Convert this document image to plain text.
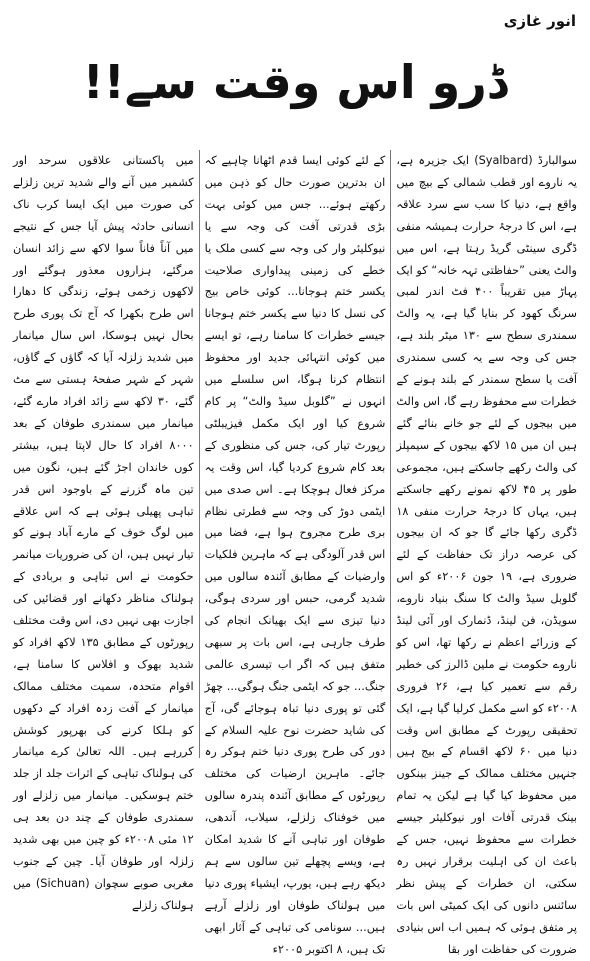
انور غازی
ڈرو اس وقت سے!!

سوالبارڈ (Syalbard) ایک جزیرہ ہے، یہ ناروے اور قطب شمالی کے بیچ میں واقع ہے، دنیا کا سب سے سرد علاقہ ہے، اس کا درجۂ حرارت ہمیشہ منفی ڈگری سینٹی گریڈ رہتا ہے، اس میں والٹ یعنی ”حفاظتی تہہ خانہ“ کو ایک پہاڑ میں تقریباً ۴۰۰ فٹ اندر لمبی سرنگ کھود کر بنایا گیا ہے، یہ والٹ سمندری سطح سے ۱۳۰ میٹر بلند ہے، جس کی وجہ سے یہ کسی سمندری آفت یا سطح سمندر کے بلند ہونے کے خطرات سے محفوظ رہے گا، اس والٹ میں بیجوں کے لئے جو خانے بنائے گئے ہیں ان میں ۱۵ لاکھ بیجوں کے سیمپلز کی والٹ رکھے جاسکتے ہیں، مجموعی طور پر ۴۵ لاکھ نمونے رکھے جاسکتے ہیں، یہاں کا درجۂ حرارت منفی ۱۸ ڈگری رکھا جائے گا جو کہ ان بیجوں کی عرصہ دراز تک حفاظت کے لئے ضروری ہے، ۱۹ جون ۲۰۰۶ء کو اس گلوبل سیڈ والٹ کا سنگ بنیاد ناروے، سویڈن، فن لینڈ، ڈنمارک اور آئی لینڈ کے وزرائے اعظم نے رکھا تھا، اس کو ناروے حکومت نے ملین ڈالرز کی خطیر رقم سے تعمیر کیا ہے، ۲۶ فروری ۲۰۰۸ء کو اسے مکمل کرلیا گیا ہے، ایک تحقیقی رپورٹ کے مطابق اس وقت دنیا میں ۶۰ لاکھ اقسام کے بیج ہیں جنہیں مختلف ممالک کے جینز بینکوں میں محفوظ کیا گیا ہے لیکن یہ تمام بینک قدرتی آفات اور نیوکلیئر جیسے خطرات سے محفوظ نہیں، جس کے باعث ان کی اہلیت برقرار نہیں رہ سکتی، ان خطرات کے پیش نظر سائنس دانوں کی ایک کمیٹی اس بات پر متفق ہوئی کہ ہمیں اب اس بنیادی ضرورت کی حفاظت اور بقا

کے لئے کوئی ایسا قدم اٹھانا چاہیے کہ ان بدترین صورت حال کو ذہن میں رکھتے ہوئے... جس میں کوئی بہت بڑی قدرتی آفت کی وجہ سے یا نیوکلیئر وار کی وجہ سے کسی ملک یا خطے کی زمینی پیداواری صلاحیت یکسر ختم ہوجانا... کوئی خاص بیج کی نسل کا دنیا سے یکسر ختم ہوجانا جیسے خطرات کا سامنا رہے، تو ایسے میں کوئی انتہائی جدید اور محفوظ انتظام کرنا ہوگا، اس سلسلے میں انہوں نے ”گلوبل سیڈ والٹ“ پر کام شروع کیا اور ایک مکمل فیزیبلٹی رپورٹ تیار کی، جس کی منظوری کے بعد کام شروع کردیا گیا، اس وقت یہ مرکز فعال ہوچکا ہے۔ اس صدی میں ایٹمی دوڑ کی وجہ سے فطرتی نظام بری طرح مجروح ہوا ہے، فضا میں اس قدر آلودگی ہے کہ ماہرین فلکیات وارضیات کے مطابق آئندہ سالوں میں شدید گرمی، حبس اور سردی ہوگی، دنیا تیزی سے ایک بھیانک انجام کی طرف جارہی ہے، اس بات پر سبھی متفق ہیں کہ اگر اب تیسری عالمی جنگ... جو کہ ایٹمی جنگ ہوگی... چھڑ گئی تو پوری دنیا تباہ ہوجائے گی، آج کی شاید حضرت نوح علیہ السلام کے دور کی طرح پوری دنیا ختم ہوکر رہ جائے۔ ماہرین ارضیات کی مختلف رپورٹوں کے مطابق آئندہ پندرہ سالوں میں خوفناک زلزلے، سیلاب، آندھی، طوفان اور تباہی آنے کا شدید امکان ہے، ویسے پچھلے تین سالوں سے ہم دیکھ رہے ہیں، یورپ، ایشیاء پوری دنیا میں ہولناک طوفان اور زلزلے آرہے ہیں... سونامی کی تباہی کے آثار ابھی تک ہیں، ۸ اکتوبر ۲۰۰۵ء

میں پاکستانی علاقوں سرحد اور کشمیر میں آنے والے شدید ترین زلزلے کی صورت میں ایک ایسا کرب ناک انسانی حادثہ پیش آیا جس کے نتیجے میں آناً فاناً سوا لاکھ سے زائد انسان مرگئے، ہزاروں معذور ہوگئے اور لاکھوں زخمی ہوئے، زندگی کا دھارا اس طرح بکھرا کہ آج تک پوری طرح بحال نہیں ہوسکا، اس سال میانمار میں شدید زلزلہ آیا کہ گاؤں کے گاؤں، شہر کے شہر صفحۂ ہستی سے مٹ گئے، ۳۰ لاکھ سے زائد افراد مارے گئے، میانمار میں سمندری طوفان کے بعد ۸۰۰۰ افراد کا حال لاپتا ہیں، بیشتر کوں خاندان اجڑ گئے ہیں، نگون میں تین ماہ گزرنے کے باوجود اس قدر تباہی پھیلی ہوئی ہے کہ اس علاقے میں لوگ خوف کے مارے آباد ہونے کو تیار نہیں ہیں، ان کی ضروریات میانمر حکومت نے اس تباہی و بربادی کے ہولناک مناظر دکھانے اور قضائیں کی اجازت بھی نہیں دی، اس وقت مختلف رپورٹوں کے مطابق ۱۳۵ لاکھ افراد کو شدید بھوک و افلاس کا سامنا ہے، اقوام متحدہ، سمیت مختلف ممالک میانمار کے آفت زدہ افراد کے دکھوں کو ہلکا کرنے کی بھرپور کوشش کررہے ہیں۔ اللہ تعالیٰ کرے میانمار کی ہولناک تباہی کے اثرات جلد از جلد ختم ہوسکیں۔ میانمار میں زلزلے اور سمندری طوفان کے چند دن بعد ہی ۱۲ مئی ۲۰۰۸ء کو چین میں بھی شدید زلزلہ اور طوفان آیا۔ چین کے جنوب مغربی صوبے سچوان (Sichuan) میں ہولناک زلزلے
